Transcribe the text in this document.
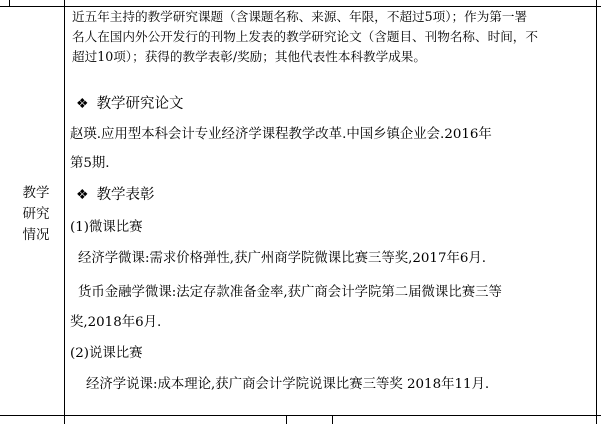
教学
研究
情况
近五年主持的教学研究课题（含课题名称、来源、年限，不超过5项）；作为第一署
名人在国内外公开发行的刊物上发表的教学研究论文（含题目、刊物名称、时间，不
超过10项）；获得的教学表彰/奖励；其他代表性本科教学成果。
❖ 教学研究论文
赵瑛.应用型本科会计专业经济学课程教学改革.中国乡镇企业会.2016年
第5期.
❖ 教学表彰
(1)微课比赛
经济学微课:需求价格弹性,获广州商学院微课比赛三等奖,2017年6月.
货币金融学微课:法定存款准备金率,获广商会计学院第二届微课比赛三等
奖,2018年6月.
(2)说课比赛
经济学说课:成本理论,获广商会计学院说课比赛三等奖 2018年11月.
